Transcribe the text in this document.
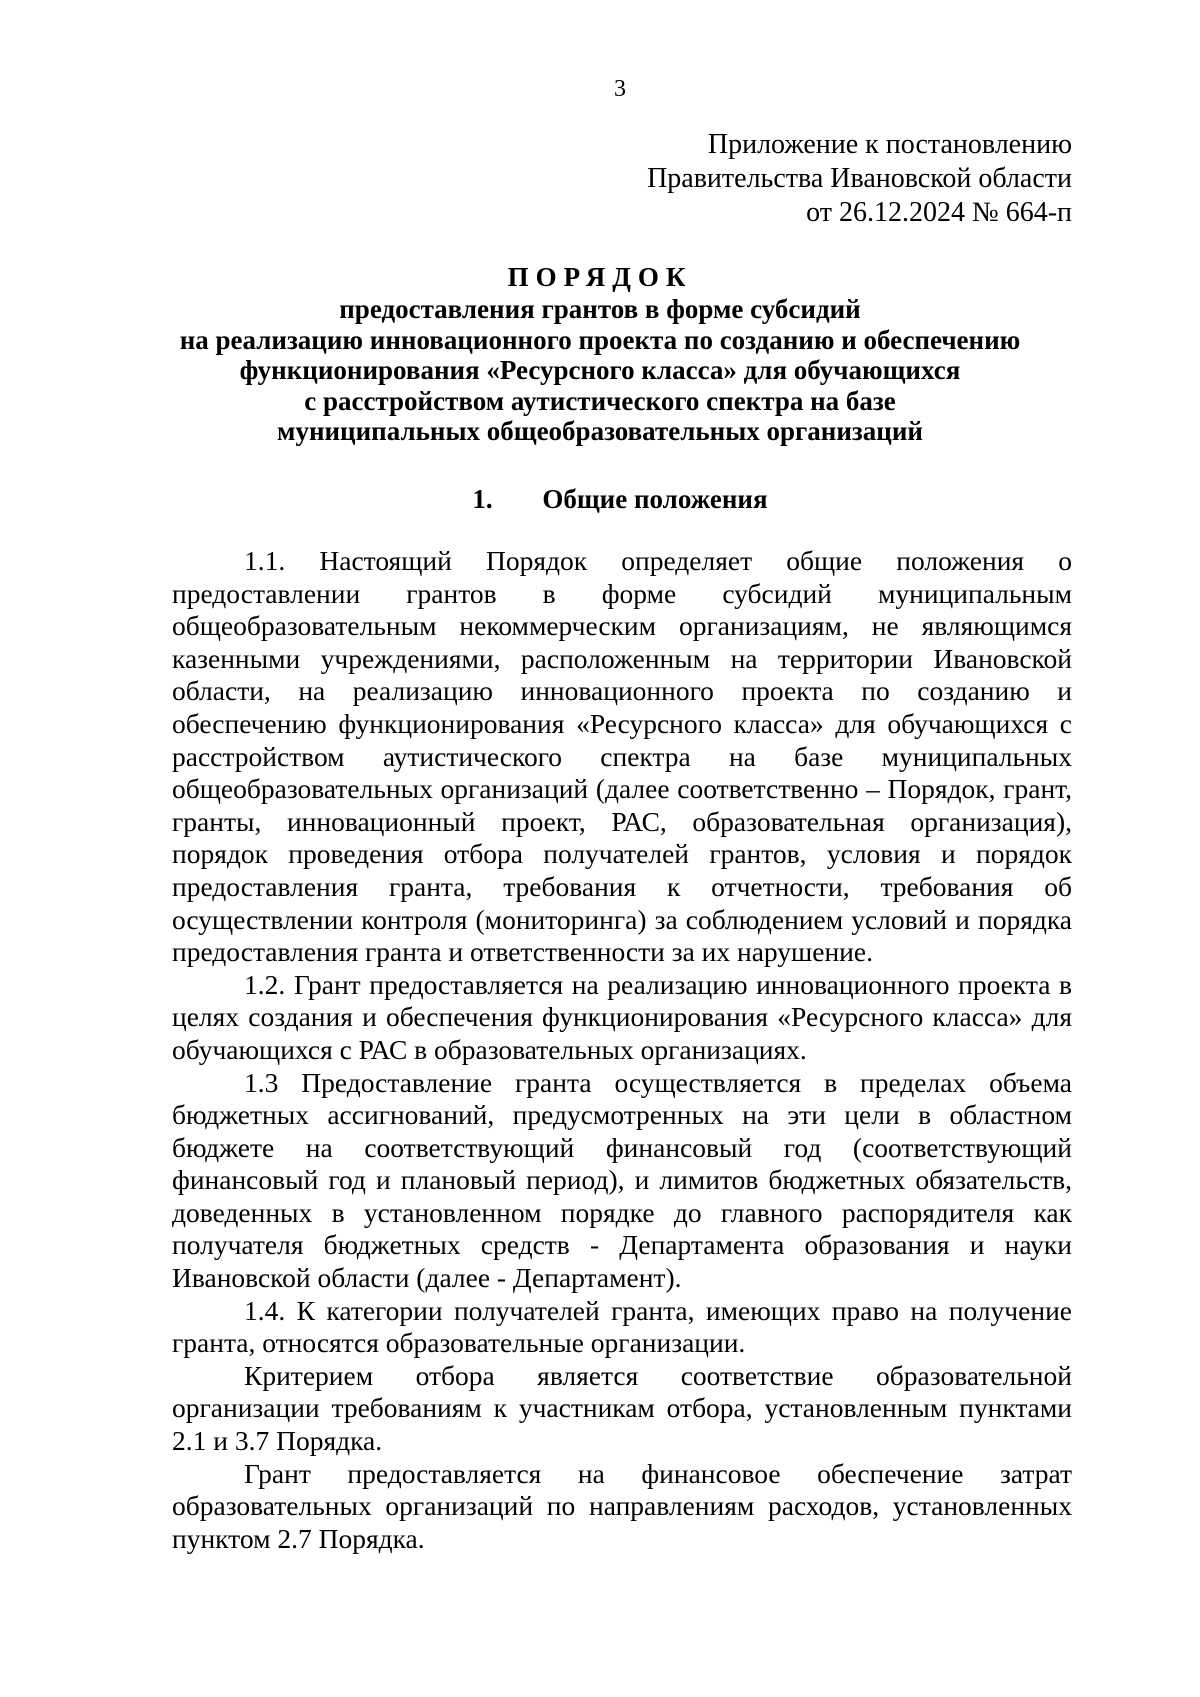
3
Приложение к постановлению
Правительства Ивановской области
от 26.12.2024 № 664-п
ПОРЯДОК
предоставления грантов в форме субсидий
на реализацию инновационного проекта по созданию и обеспечению
функционирования «Ресурсного класса» для обучающихся
с расстройством аутистического спектра на базе
муниципальных общеобразовательных организаций
1. Общие положения

1.1. Настоящий Порядок определяет общие положения о предоставлении грантов в форме субсидий муниципальным общеобразовательным некоммерческим организациям, не являющимся казенными учреждениями, расположенным на территории Ивановской области, на реализацию инновационного проекта по созданию и обеспечению функционирования «Ресурсного класса» для обучающихся с расстройством аутистического спектра на базе муниципальных общеобразовательных организаций (далее соответственно – Порядок, грант, гранты, инновационный проект, РАС, образовательная организация), порядок проведения отбора получателей грантов, условия и порядок предоставления гранта, требования к отчетности, требования об осуществлении контроля (мониторинга) за соблюдением условий и порядка предоставления гранта и ответственности за их нарушение.

1.2. Грант предоставляется на реализацию инновационного проекта в целях создания и обеспечения функционирования «Ресурсного класса» для обучающихся с РАС в образовательных организациях.

1.3 Предоставление гранта осуществляется в пределах объема бюджетных ассигнований, предусмотренных на эти цели в областном бюджете на соответствующий финансовый год (соответствующий финансовый год и плановый период), и лимитов бюджетных обязательств, доведенных в установленном порядке до главного распорядителя как получателя бюджетных средств - Департамента образования и науки Ивановской области (далее - Департамент).

1.4. К категории получателей гранта, имеющих право на получение гранта, относятся образовательные организации.

Критерием отбора является соответствие образовательной организации требованиям к участникам отбора, установленным пунктами 2.1 и 3.7 Порядка.

Грант предоставляется на финансовое обеспечение затрат образовательных организаций по направлениям расходов, установленных пунктом 2.7 Порядка.
